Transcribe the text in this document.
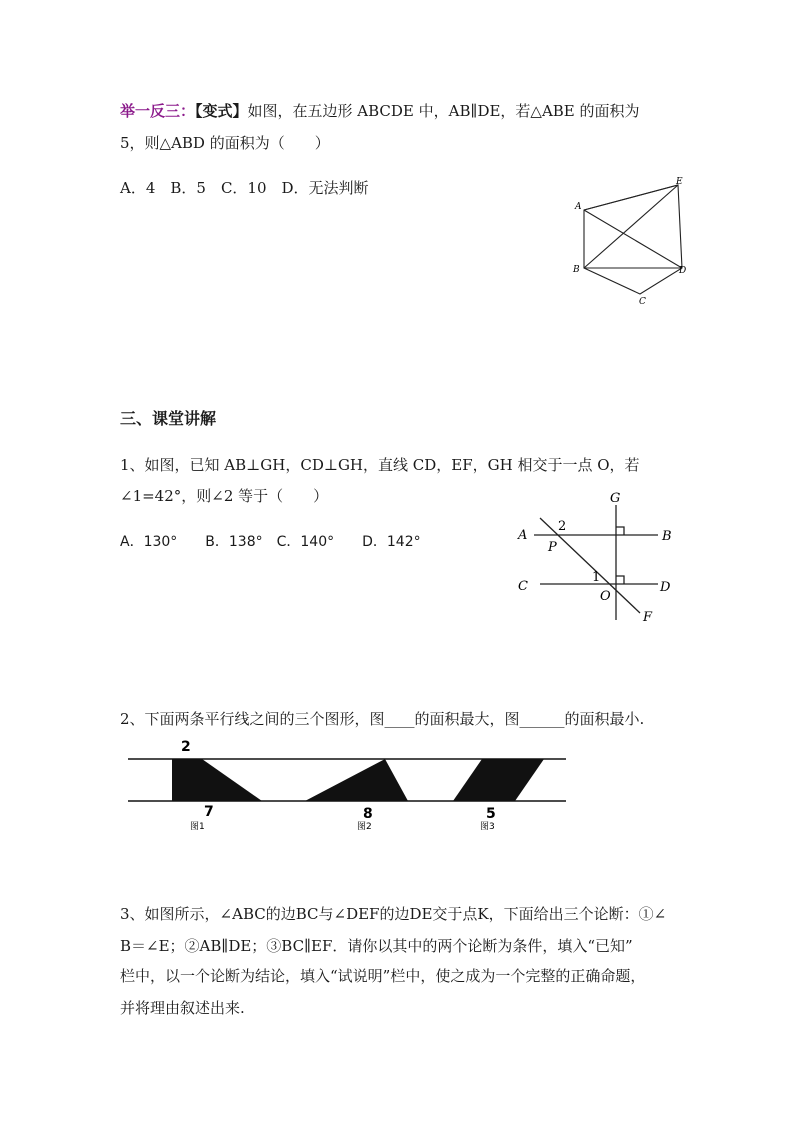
举一反三：【变式】如图，在五边形 ABCDE 中，AB∥DE，若△ABE 的面积为
5，则△ABD 的面积为（　　）
A．4　B．5　C．10　D．无法判断
A
B
C
D
E
三、课堂讲解
1、如图，已知 AB⊥GH，CD⊥GH，直线 CD，EF，GH 相交于一点 O，若
∠1=42°，则∠2 等于（　　）
A．130°　　B．138°　C．140°　　D．142°
G
A	B
P
C	D
O
F
2
1
2、下面两条平行线之间的三个图形，图____的面积最大，图______的面积最小.
2
7	8	5
图1	图2	图3
3、如图所示，∠ABC的边BC与∠DEF的边DE交于点K，下面给出三个论断：①∠
B＝∠E；②AB∥DE；③BC∥EF．请你以其中的两个论断为条件，填入“已知”
栏中，以一个论断为结论，填入“试说明”栏中，使之成为一个完整的正确命题，
并将理由叙述出来.
